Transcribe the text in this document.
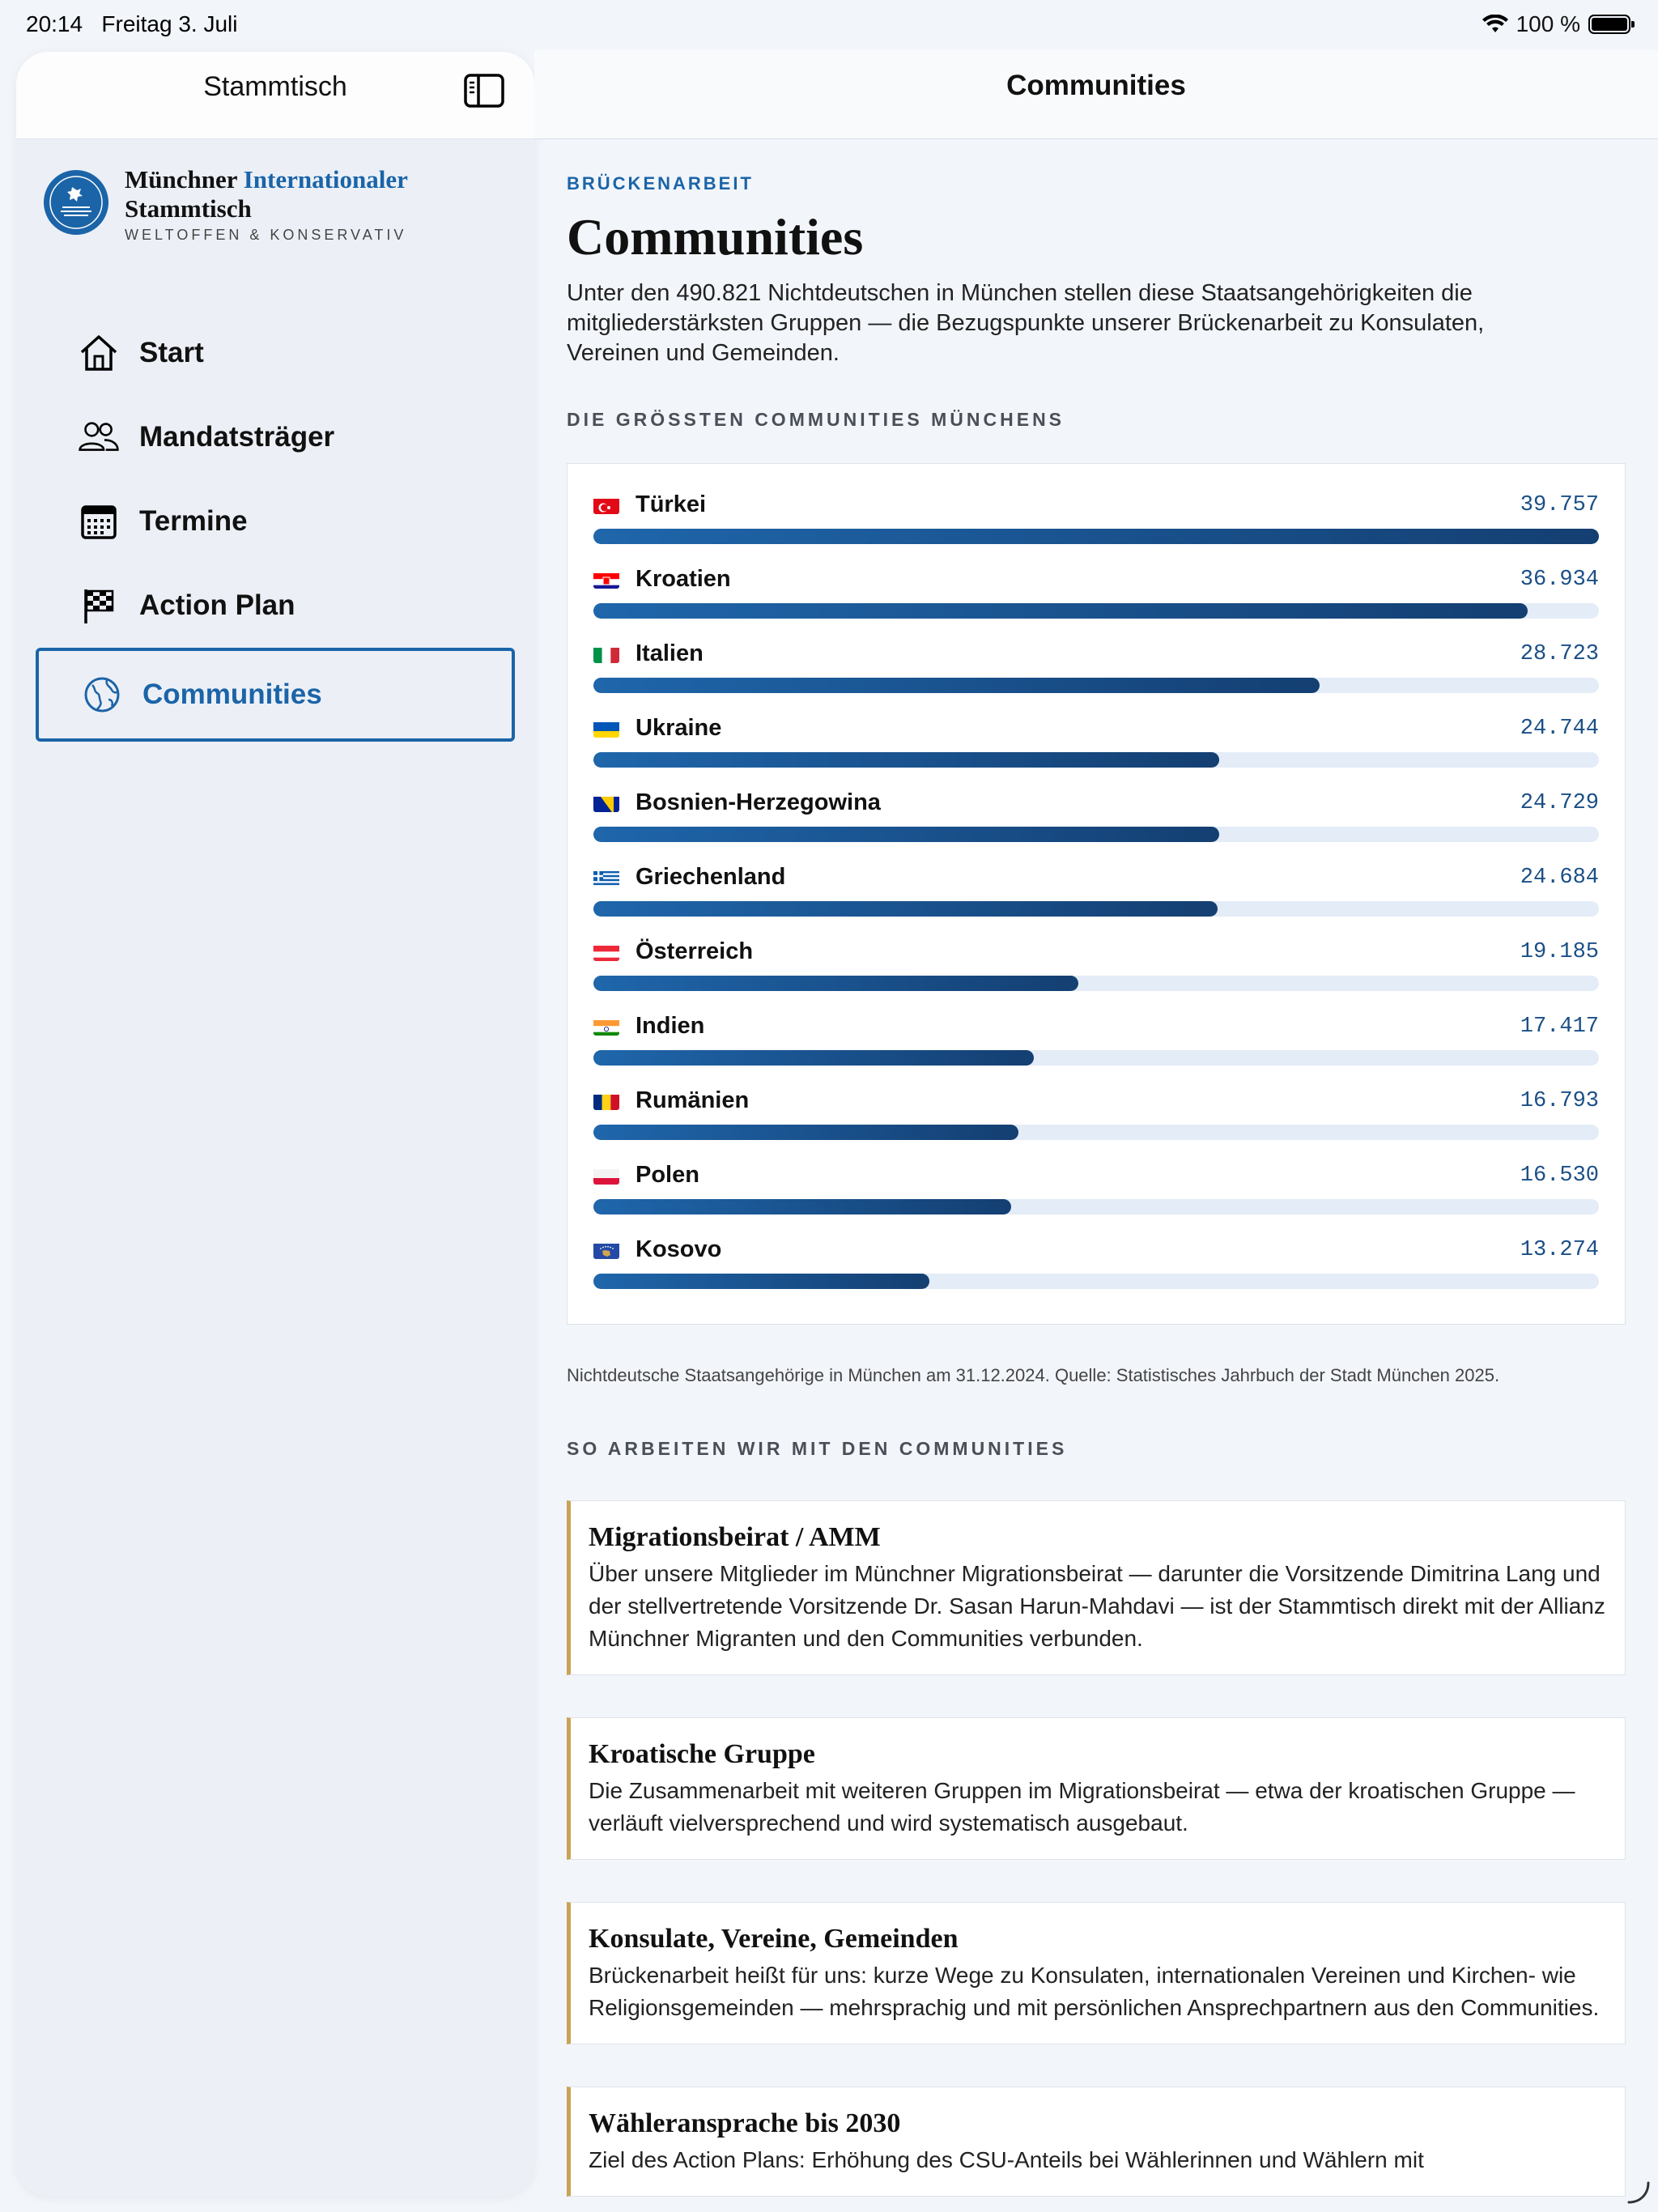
20:14 Freitag 3. Juli	100 %
Stammtisch
Münchner Internationaler
Stammtisch
WELTOFFEN & KONSERVATIV
Start
Mandatsträger
Termine
Action Plan
Communities
Communities
BRÜCKENARBEIT
Communities
Unter den 490.821 Nichtdeutschen in München stellen diese Staatsangehörigkeiten die mitgliederstärksten Gruppen — die Bezugspunkte unserer Brückenarbeit zu Konsulaten, Vereinen und Gemeinden.
DIE GRÖSSTEN COMMUNITIES MÜNCHENS
Türkei	39.757
Kroatien	36.934
Italien	28.723
Ukraine	24.744
Bosnien-Herzegowina	24.729
Griechenland	24.684
Österreich	19.185
Indien	17.417
Rumänien	16.793
Polen	16.530
Kosovo	13.274
Nichtdeutsche Staatsangehörige in München am 31.12.2024. Quelle: Statistisches Jahrbuch der Stadt München 2025.
SO ARBEITEN WIR MIT DEN COMMUNITIES
Migrationsbeirat / AMM
Über unsere Mitglieder im Münchner Migrationsbeirat — darunter die Vorsitzende Dimitrina Lang und der stellvertretende Vorsitzende Dr. Sasan Harun-Mahdavi — ist der Stammtisch direkt mit der Allianz Münchner Migranten und den Communities verbunden.
Kroatische Gruppe
Die Zusammenarbeit mit weiteren Gruppen im Migrationsbeirat — etwa der kroatischen Gruppe — verläuft vielversprechend und wird systematisch ausgebaut.
Konsulate, Vereine, Gemeinden
Brückenarbeit heißt für uns: kurze Wege zu Konsulaten, internationalen Vereinen und Kirchen- wie Religionsgemeinden — mehrsprachig und mit persönlichen Ansprechpartnern aus den Communities.
Wähleransprache bis 2030
Ziel des Action Plans: Erhöhung des CSU-Anteils bei Wählerinnen und Wählern mit
